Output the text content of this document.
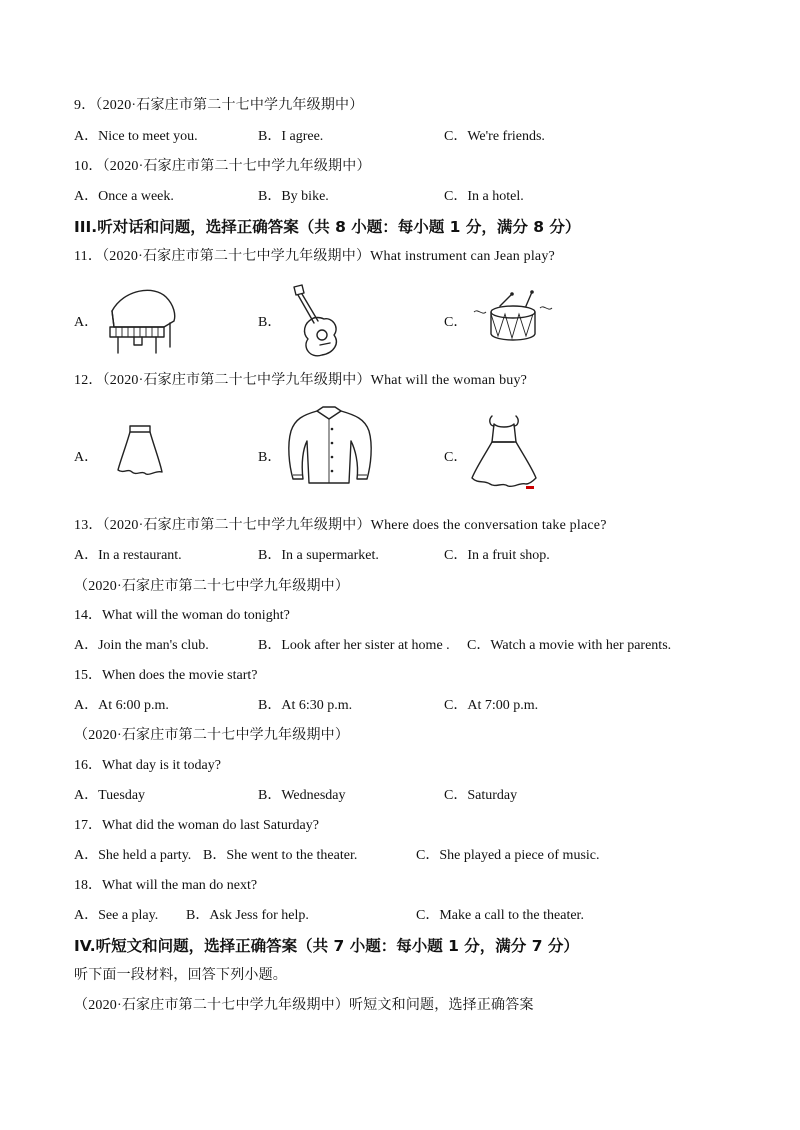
9．（2020·石家庄市第二十七中学九年级期中）
A．Nice to meet you.	B．I agree.	C．We're friends.
10．（2020·石家庄市第二十七中学九年级期中）
A．Once a week.	B．By bike.	C．In a hotel.
III.听对话和问题，选择正确答案（共 8 小题：每小题 1 分，满分 8 分）
11．（2020·石家庄市第二十七中学九年级期中）What instrument can Jean play?
A．	B．	C．
12．（2020·石家庄市第二十七中学九年级期中）What will the woman buy?
A．	B．	C．
13．（2020·石家庄市第二十七中学九年级期中）Where does the conversation take place?
A．In a restaurant.	B．In a supermarket.	C．In a fruit shop.
（2020·石家庄市第二十七中学九年级期中）
14．What will the woman do tonight?
A．Join the man's club.	B．Look after her sister at home . C．Watch a movie with her parents.
15．When does the movie start?
A．At 6:00 p.m.	B．At 6:30 p.m.	C．At 7:00 p.m.
（2020·石家庄市第二十七中学九年级期中）
16．What day is it today?
A．Tuesday	B．Wednesday	C．Saturday
17．What did the woman do last Saturday?
A．She held a party. B．She went to the theater.	C．She played a piece of music.
18．What will the man do next?
A．See a play. B．Ask Jess for help.	C．Make a call to the theater.
IV.听短文和问题，选择正确答案（共 7 小题：每小题 1 分，满分 7 分）
听下面一段材料，回答下列小题。
（2020·石家庄市第二十七中学九年级期中）听短文和问题，选择正确答案
